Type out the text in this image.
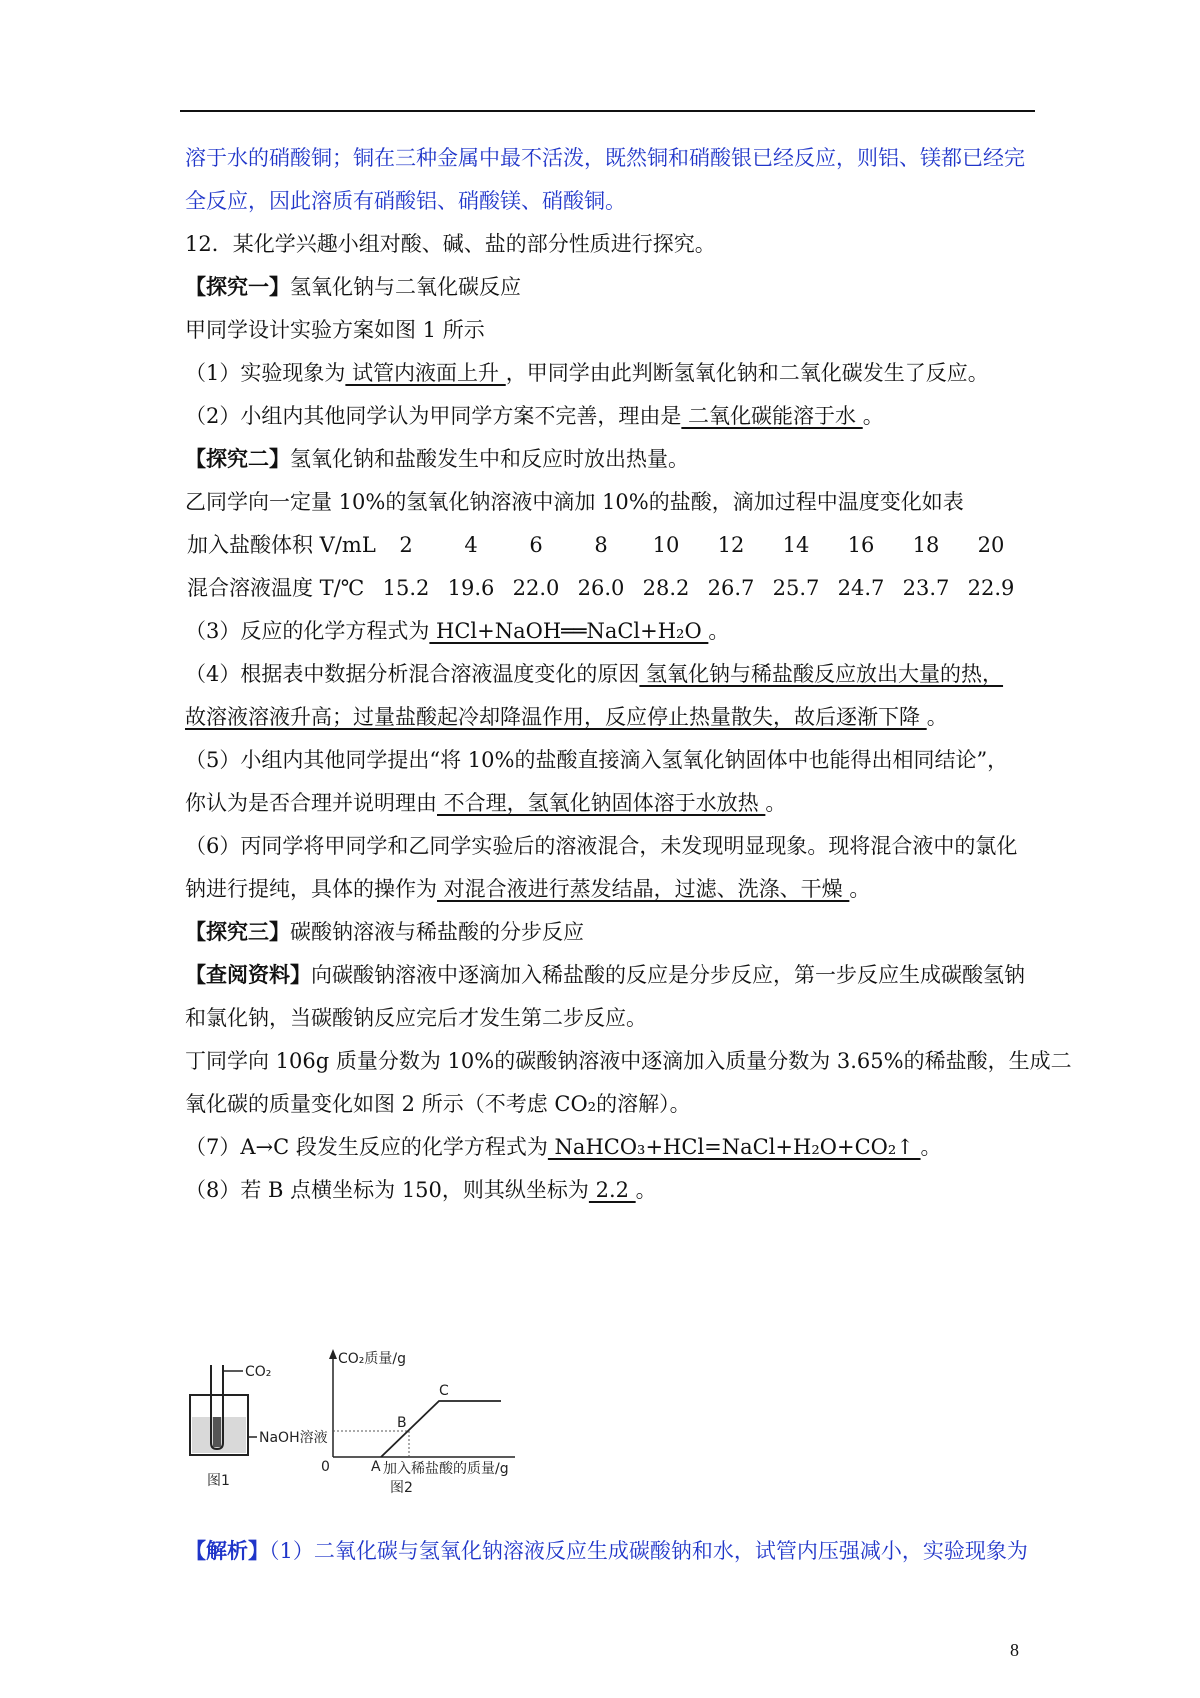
溶于水的硝酸铜；铜在三种金属中最不活泼，既然铜和硝酸银已经反应，则铝、镁都已经完
全反应，因此溶质有硝酸铝、硝酸镁、硝酸铜。
12．某化学兴趣小组对酸、碱、盐的部分性质进行探究。
【探究一】氢氧化钠与二氧化碳反应
甲同学设计实验方案如图 1 所示
（1）实验现象为 试管内液面上升 ，甲同学由此判断氢氧化钠和二氧化碳发生了反应。
（2）小组内其他同学认为甲同学方案不完善，理由是 二氧化碳能溶于水 。
【探究二】氢氧化钠和盐酸发生中和反应时放出热量。
乙同学向一定量 10%的氢氧化钠溶液中滴加 10%的盐酸，滴加过程中温度变化如表
加入盐酸体积 V/mL	2	4	6	8	10	12	14	16	18	20
混合溶液温度 T/℃ 15.2 19.6 22.0 26.0 28.2 26.7 25.7 24.7 23.7 22.9
（3）反应的化学方程式为 HCl+NaOH══NaCl+H₂O 。
（4）根据表中数据分析混合溶液温度变化的原因 氢氧化钠与稀盐酸反应放出大量的热，
故溶液溶液升高；过量盐酸起冷却降温作用，反应停止热量散失，故后逐渐下降 。
（5）小组内其他同学提出“将 10%的盐酸直接滴入氢氧化钠固体中也能得出相同结论”，
你认为是否合理并说明理由 不合理，氢氧化钠固体溶于水放热 。
（6）丙同学将甲同学和乙同学实验后的溶液混合，未发现明显现象。现将混合液中的氯化
钠进行提纯，具体的操作为 对混合液进行蒸发结晶，过滤、洗涤、干燥 。
【探究三】碳酸钠溶液与稀盐酸的分步反应
【查阅资料】向碳酸钠溶液中逐滴加入稀盐酸的反应是分步反应，第一步反应生成碳酸氢钠
和氯化钠，当碳酸钠反应完后才发生第二步反应。
丁同学向 106g 质量分数为 10%的碳酸钠溶液中逐滴加入质量分数为 3.65%的稀盐酸，生成二
氧化碳的质量变化如图 2 所示（不考虑 CO₂的溶解）。
（7）A→C 段发生反应的化学方程式为 NaHCO₃+HCl=NaCl+H₂O+CO₂↑ 。
（8）若 B 点横坐标为 150，则其纵坐标为 2.2 。
CO₂
NaOH溶液
图1
CO₂质量/g
0	A
B
C
加入稀盐酸的质量/g
图2
【解析】（1）二氧化碳与氢氧化钠溶液反应生成碳酸钠和水，试管内压强减小，实验现象为
8
